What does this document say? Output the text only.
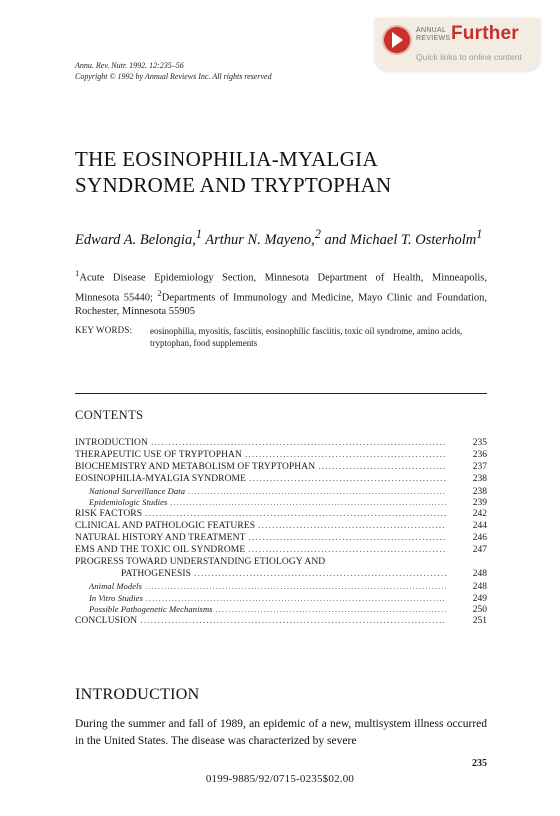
ANNUAL
REVIEWS Further
Quick links to online content
Annu. Rev. Nutr. 1992. 12:235–56
Copyright © 1992 by Annual Reviews Inc. All rights reserved
THE EOSINOPHILIA-MYALGIA
SYNDROME AND TRYPTOPHAN
Edward A. Belongia,$^1$ Arthur N. Mayeno,$^2$ and Michael T. Osterholm$^1$
$^1$Acute Disease Epidemiology Section, Minnesota Department of Health, Minneapolis, Minnesota 55440; $^2$Departments of Immunology and Medicine, Mayo Clinic and Foundation, Rochester, Minnesota 55905
KEY WORDS: eosinophilia, myositis, fasciitis, eosinophilic fasciitis, toxic oil syndrome, amino acids, tryptophan, food supplements
CONTENTS
INTRODUCTION .....	235
THERAPEUTIC USE OF TRYPTOPHAN .....	236
BIOCHEMISTRY AND METABOLISM OF TRYPTOPHAN .....	237
EOSINOPHILIA-MYALGIA SYNDROME .....	238
National Surveillance Data .....	238
Epidemiologic Studies .....	239
RISK FACTORS .....	242
CLINICAL AND PATHOLOGIC FEATURES .....	244
NATURAL HISTORY AND TREATMENT .....	246
EMS AND THE TOXIC OIL SYNDROME .....	247
PROGRESS TOWARD UNDERSTANDING ETIOLOGY AND
PATHOGENESIS .....	248
Animal Models .....	248
In Vitro Studies .....	249
Possible Pathogenetic Mechanisms .....	250
CONCLUSION .....	251
INTRODUCTION
During the summer and fall of 1989, an epidemic of a new, multisystem illness occurred in the United States. The disease was characterized by severe
235
0199-9885/92/0715-0235$02.00
